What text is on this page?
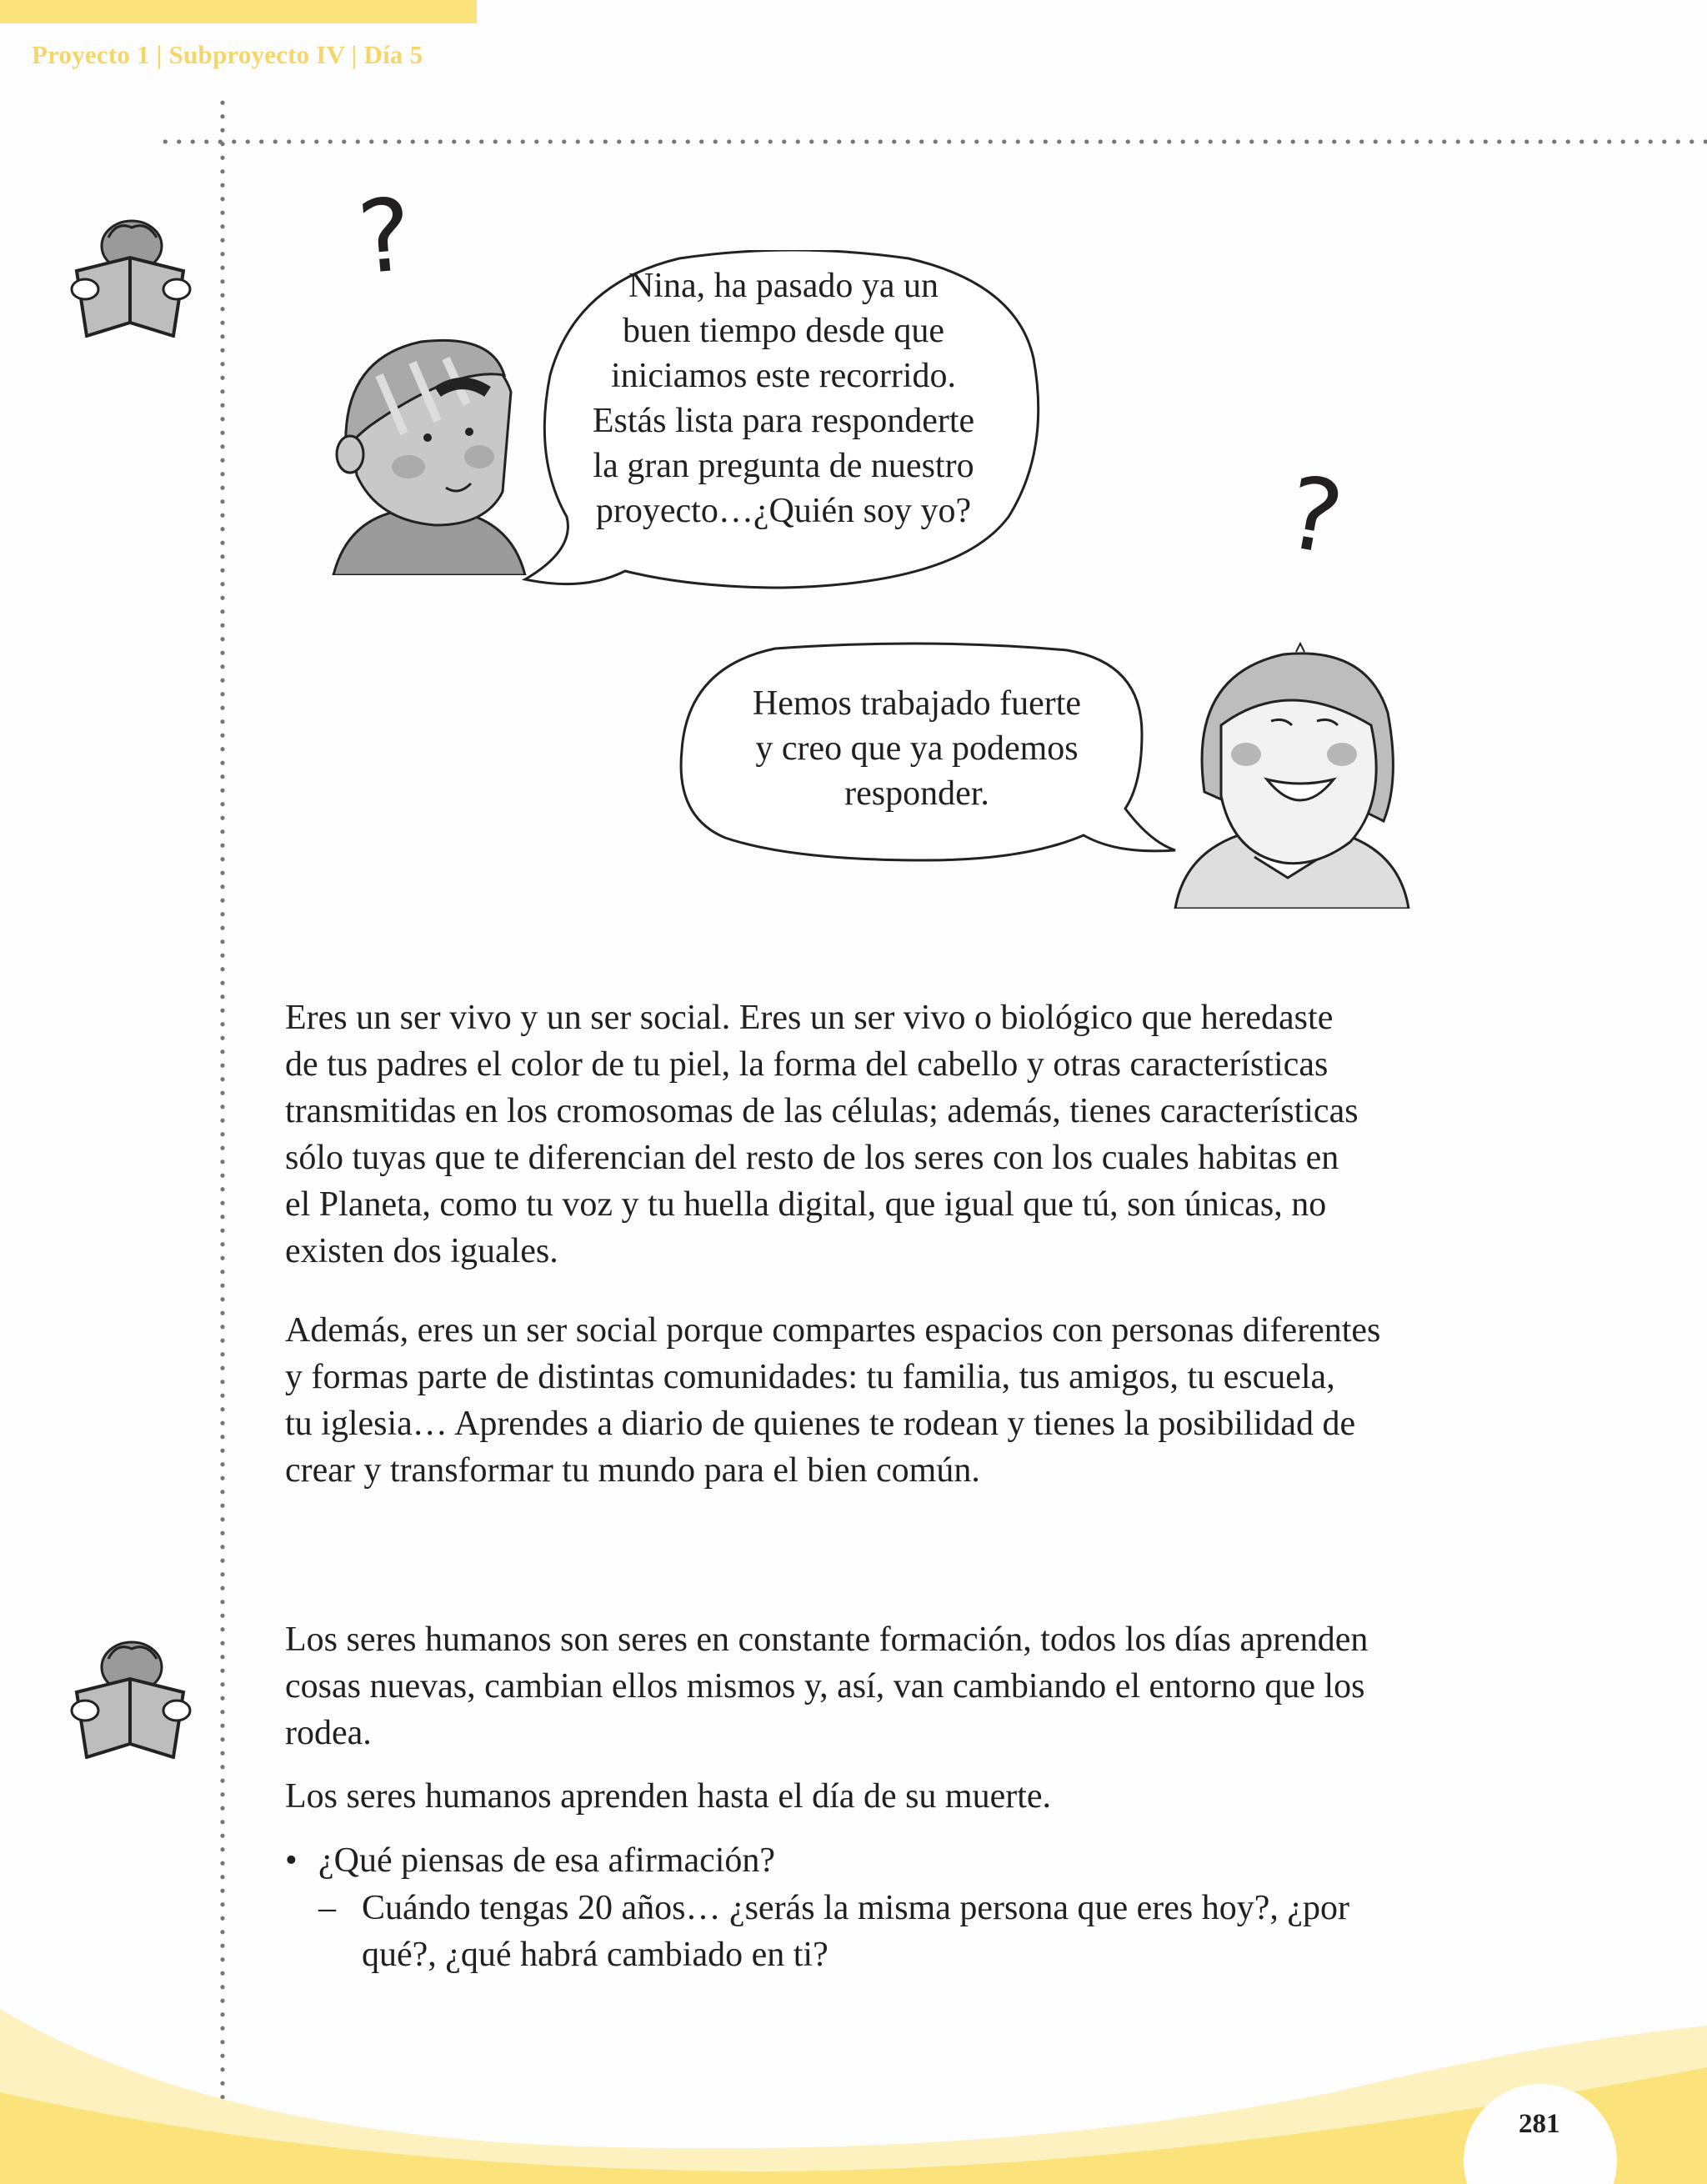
Proyecto 1 | Subproyecto IV | Día 5
?	Nina, ha pasado ya un
buen tiempo desde que
iniciamos este recorrido.
Estás lista para responderte
la gran pregunta de nuestro
proyecto…¿Quién soy yo?	?
Hemos trabajado fuerte
y creo que ya podemos
responder.
Eres un ser vivo y un ser social. Eres un ser vivo o biológico que heredaste
de tus padres el color de tu piel, la forma del cabello y otras características
transmitidas en los cromosomas de las células; además, tienes características
sólo tuyas que te diferencian del resto de los seres con los cuales habitas en
el Planeta, como tu voz y tu huella digital, que igual que tú, son únicas, no
existen dos iguales.
Además, eres un ser social porque compartes espacios con personas diferentes
y formas parte de distintas comunidades: tu familia, tus amigos, tu escuela,
tu iglesia… Aprendes a diario de quienes te rodean y tienes la posibilidad de
crear y transformar tu mundo para el bien común.
Los seres humanos son seres en constante formación, todos los días aprenden
cosas nuevas, cambian ellos mismos y, así, van cambiando el entorno que los
rodea.
Los seres humanos aprenden hasta el día de su muerte.
• ¿Qué piensas de esa afirmación?
– Cuándo tengas 20 años… ¿serás la misma persona que eres hoy?, ¿por
qué?, ¿qué habrá cambiado en ti?
281
